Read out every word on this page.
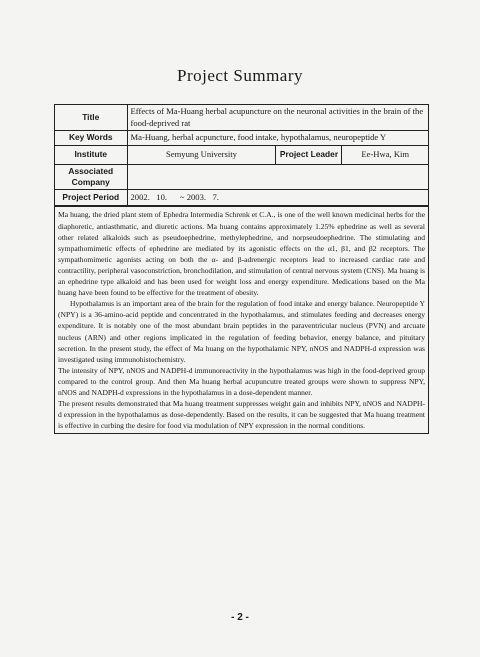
Project Summary
Title	Effects of Ma-Huang herbal acupuncture on the neuronal activities in the brain of the food-deprived rat		
Key Words	Ma-Huang, herbal acpuncture, food intake, hypothalamus, neuropeptide Y		
Institute	Semyung University	Project Leader	Ee-Hwa, Kim
Associated Company			
Project Period	2002.   10.      ~ 2003.   7.		

Ma huang, the dried plant stem of Ephedra Intermedia Schrenk et C.A., is one of the well known medicinal herbs for the diaphoretic, antiasthmatic, and diuretic actions. Ma huang contains approximately 1.25% ephedrine as well as several other related alkaloids such as pseudoephedrine, methylephedrine, and norpseudoephedrine. The stimulating and sympathomimetic effects of ephedrine are mediated by its agonistic effects on the α1, β1, and β2 receptors. The sympathomimetic agonists acting on both the α- and β-adrenergic receptors lead to increased cardiac rate and contractility, peripheral vasoconstriction, bronchodilation, and stimulation of central nervous system (CNS). Ma huang is an ephedrine type alkaloid and has been used for weight loss and energy expenditure. Medications based on the Ma huang have been found to be effective for the treatment of obesity.

Hypothalamus is an important area of the brain for the regulation of food intake and energy balance. Neuropeptide Y (NPY) is a 36-amino-acid peptide and concentrated in the hypothalamus, and stimulates feeding and decreases energy expenditure. It is notably one of the most abundant brain peptides in the paraventricular nucleus (PVN) and arcuate nucleus (ARN) and other regions implicated in the regulation of feeding behavior, energy balance, and pituitary secretion. In the present study, the effect of Ma huang on the hypothalamic NPY, nNOS and NADPH-d expression was investigated using immunohistochemistry.

The intensity of NPY, nNOS and NADPH-d immunoreactivity in the hypothalamus was high in the food-deprived group compared to the control group. And then Ma huang herbal acupuncutre treated groups were shown to suppress NPY, nNOS and NADPH-d expressions in the hypothalamus in a dose-dependent manner.

The present results demonstrated that Ma huang treatment suppresses weight gain and inhibits NPY, nNOS and NADPH-d expression in the hypothalamus as dose-dependently. Based on the results, it can be suggested that Ma huang treatment is effective in curbing the desire for food via modulation of NPY expression in the normal conditions.

- 2 -
